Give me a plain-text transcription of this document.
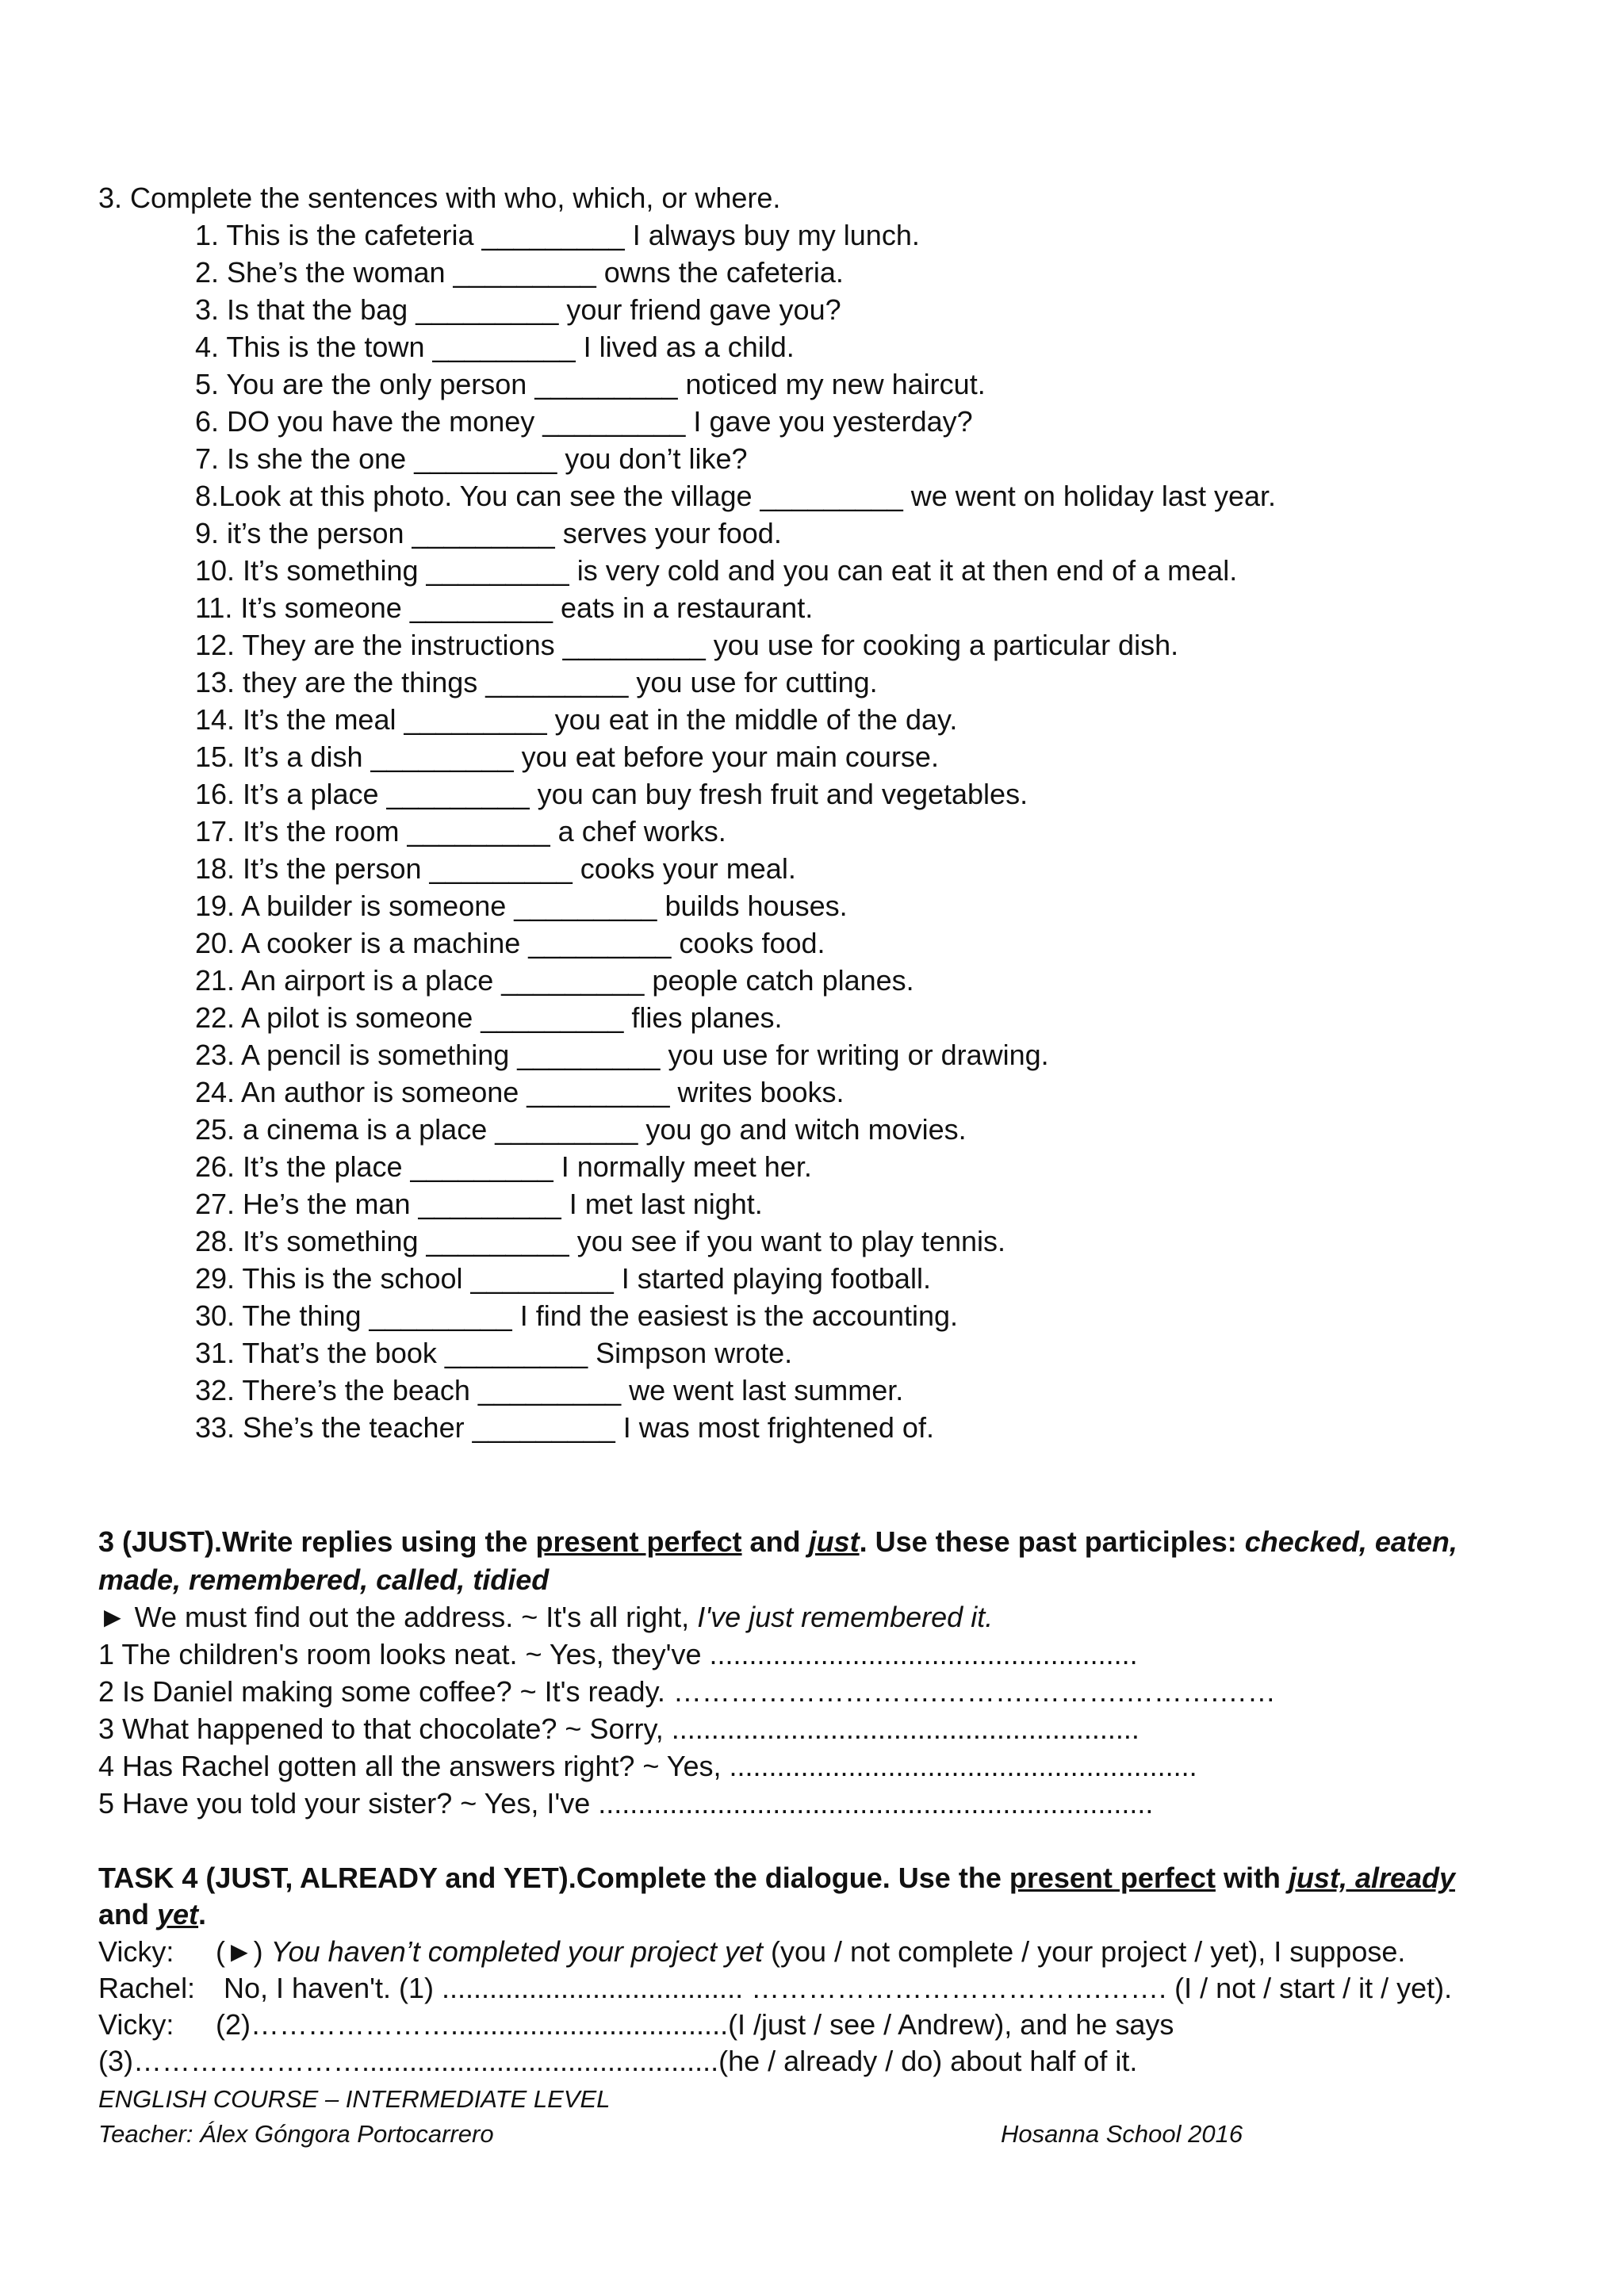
3. Complete the sentences with who, which, or where.
1. This is the cafeteria _________ I always buy my lunch.
2. She’s the woman _________ owns the cafeteria.
3. Is that the bag _________ your friend gave you?
4. This is the town _________ I lived as a child.
5. You are the only person _________ noticed my new haircut.
6. DO you have the money _________ I gave you yesterday?
7. Is she the one _________ you don’t like?
8.Look at this photo. You can see the village _________ we went on holiday last year.
9. it’s the person _________ serves your food.
10. It’s something _________ is very cold and you can eat it at then end of a meal.
11. It’s someone _________ eats in a restaurant.
12. They are the instructions _________ you use for cooking a particular dish.
13. they are the things _________ you use for cutting.
14. It’s the meal _________ you eat in the middle of the day.
15. It’s a dish _________ you eat before your main course.
16. It’s a place _________ you can buy fresh fruit and vegetables.
17. It’s the room _________ a chef works.
18. It’s the person _________ cooks your meal.
19. A builder is someone _________ builds houses.
20. A cooker is a machine _________ cooks food.
21. An airport is a place _________ people catch planes.
22. A pilot is someone _________ flies planes.
23. A pencil is something _________ you use for writing or drawing.
24. An author is someone _________ writes books.
25. a cinema is a place _________ you go and witch movies.
26. It’s the place _________ I normally meet her.
27. He’s the man _________ I met last night.
28. It’s something _________ you see if you want to play tennis.
29. This is the school _________ I started playing football.
30. The thing _________ I find the easiest is the accounting.
31. That’s the book _________ Simpson wrote.
32. There’s the beach _________ we went last summer.
33. She’s the teacher _________ I was most frightened of.
3 (JUST).Write replies using the present perfect and just. Use these past participles: checked, eaten,
made, remembered, called, tidied
► We must find out the address. ~ It's all right, I've just remembered it.
1 The children's room looks neat. ~ Yes, they've ......................................................
2 Is Daniel making some coffee? ~ It's ready. ……………………….……….……….……….……
3 What happened to that chocolate? ~ Sorry, ...........................................................
4 Has Rachel gotten all the answers right? ~ Yes, ...........................................................
5 Have you told your sister? ~ Yes, I've ......................................................................
TASK 4 (JUST, ALREADY and YET).Complete the dialogue. Use the present perfect with just, already
and yet.
Vicky: (►) You haven’t completed your project yet (you / not complete / your project / yet), I suppose.
Rachel: No, I haven't. (1) ...................................... ……………………………….……. (I / not / start / it / yet).
Vicky: (2)…………………...................................(I /just / see / Andrew), and he says
(3)…………………….............................................(he / already / do) about half of it.
ENGLISH COURSE – INTERMEDIATE LEVEL
Teacher: Álex Góngora Portocarrero	Hosanna School 2016
